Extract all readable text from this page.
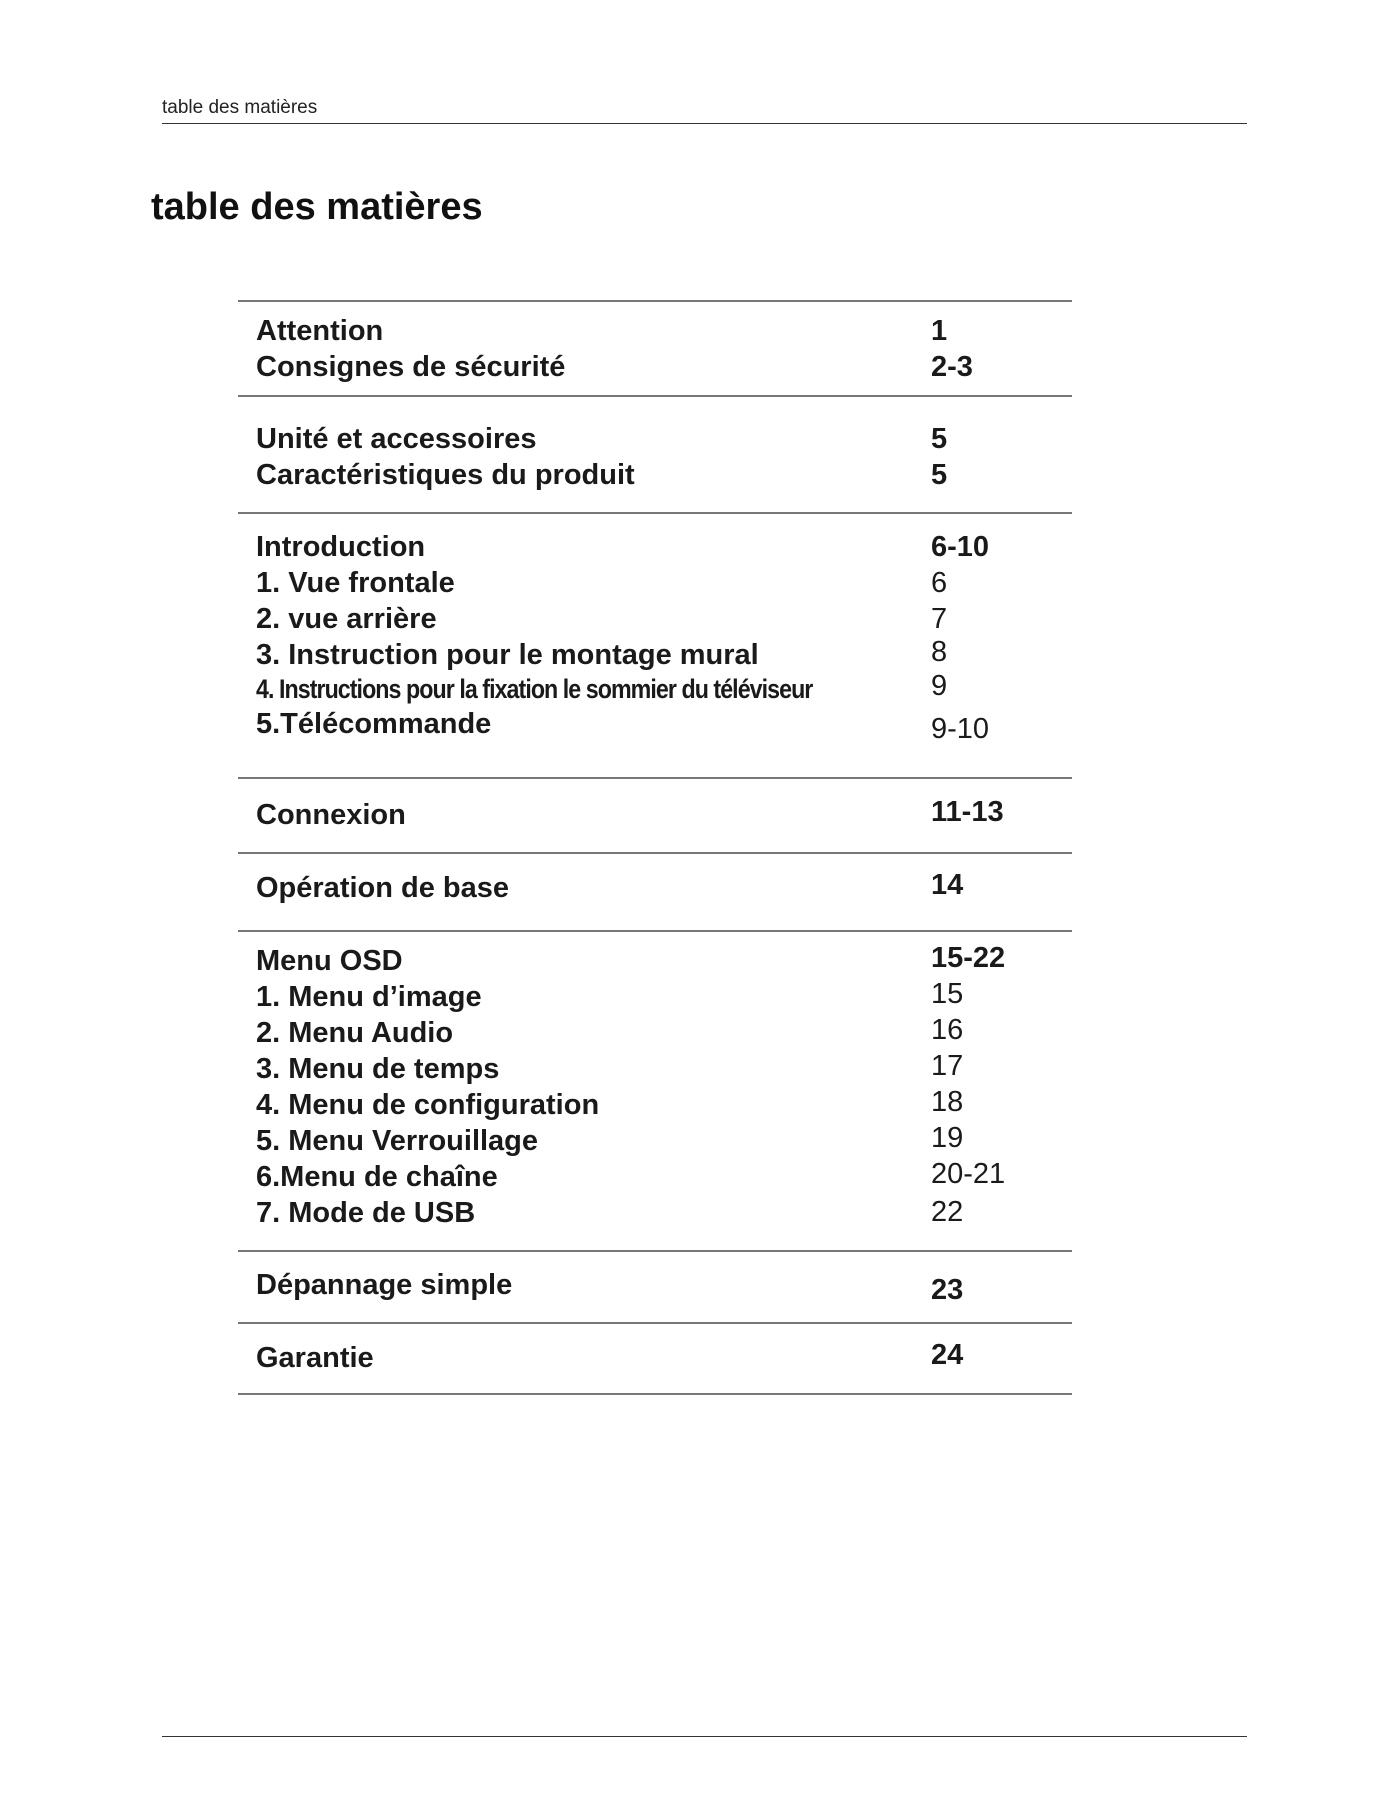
table des matières
table des matières
Attention	1
Consignes de sécurité	2-3
Unité et accessoires	5
Caractéristiques du produit	5
Introduction	6-10
1. Vue frontale	6
2. vue arrière	7
3. Instruction pour le montage mural	8
4. Instructions pour la fixation le sommier du téléviseur	9
5.Télécommande	9-10
Connexion	11-13
Opération de base	14
Menu OSD	15-22
1. Menu d’image	15
2. Menu Audio	16
3. Menu de temps	17
4. Menu de configuration	18
5. Menu Verrouillage	19
6.Menu de chaîne	20-21
7. Mode de USB	22
Dépannage simple	23
Garantie	24
